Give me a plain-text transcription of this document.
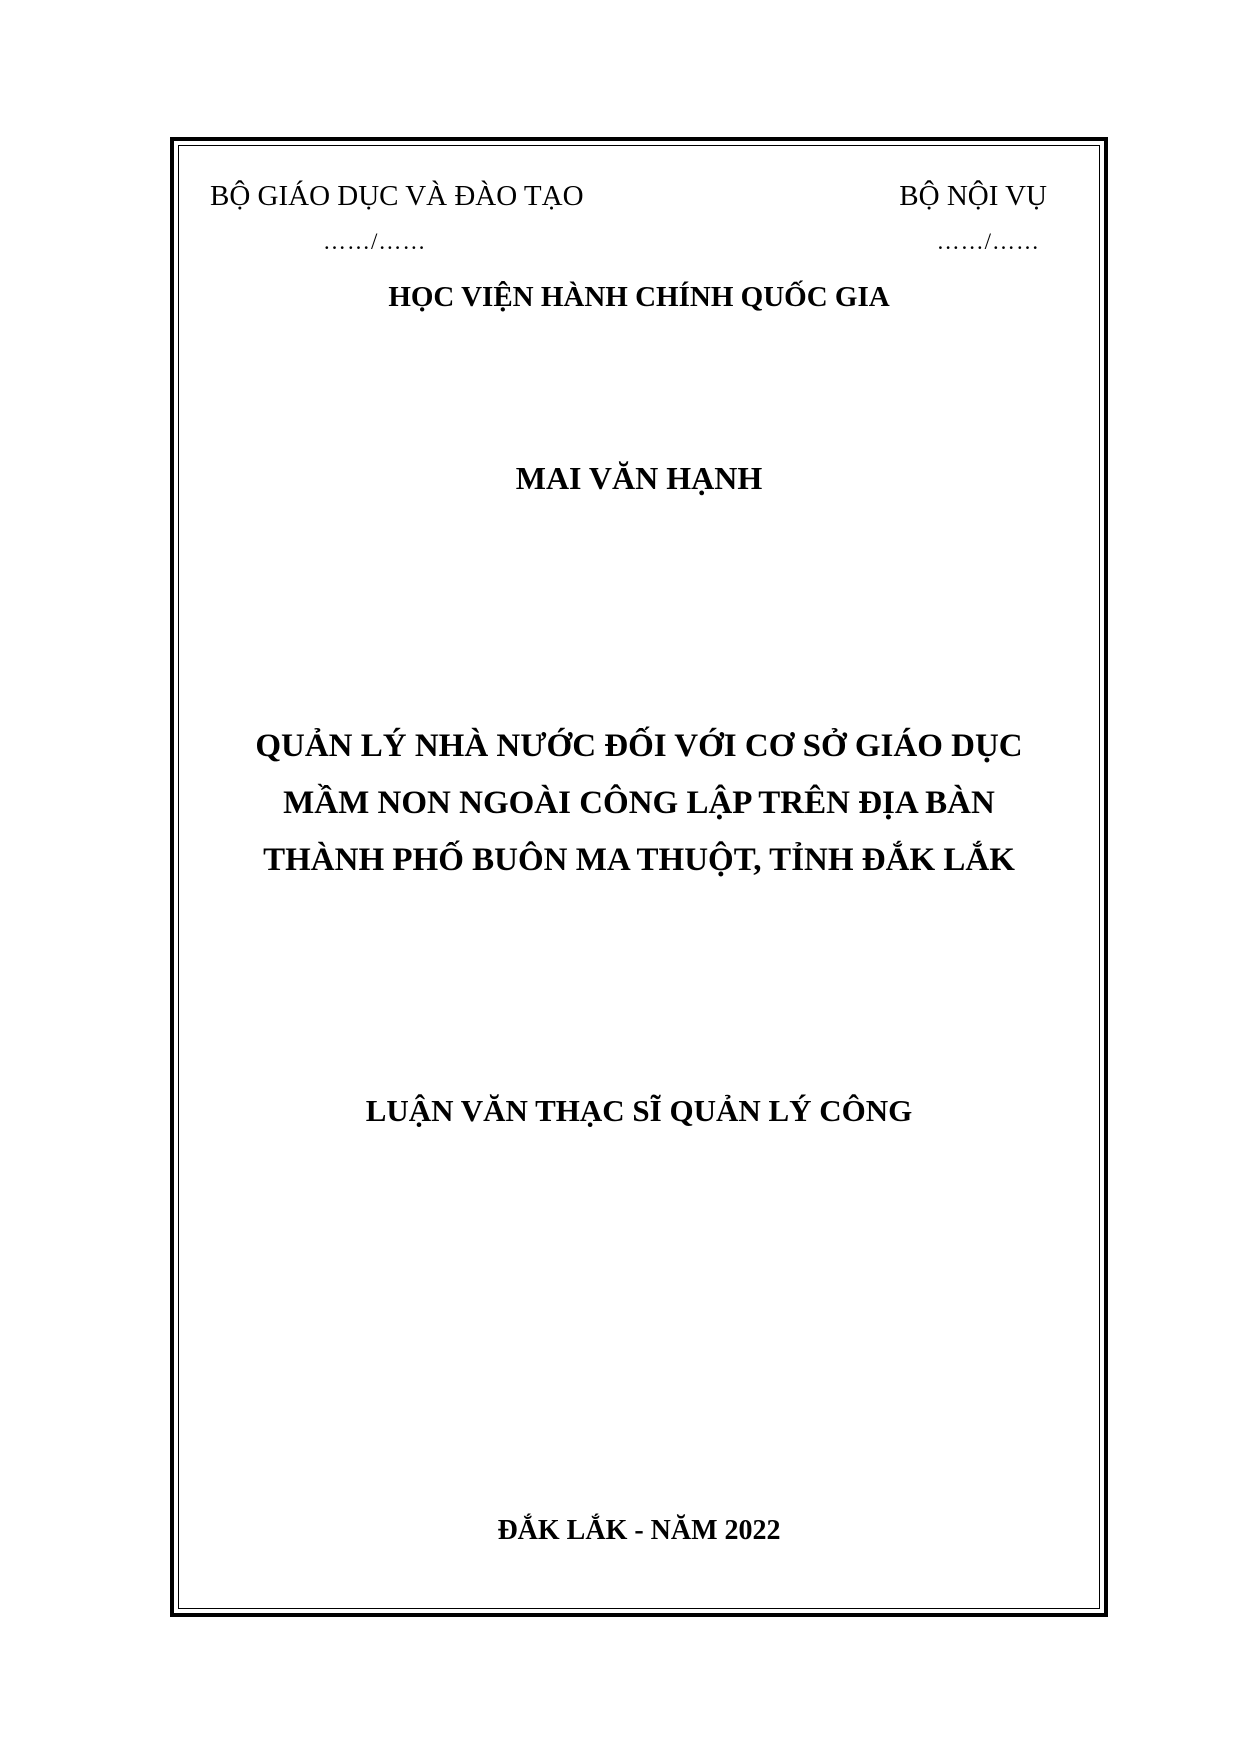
BỘ GIÁO DỤC VÀ ĐÀO TẠO	BỘ NỘI VỤ
……/……	……/……
HỌC VIỆN HÀNH CHÍNH QUỐC GIA
MAI VĂN HẠNH
QUẢN LÝ NHÀ NƯỚC ĐỐI VỚI CƠ SỞ GIÁO DỤC
MẦM NON NGOÀI CÔNG LẬP TRÊN ĐỊA BÀN
THÀNH PHỐ BUÔN MA THUỘT, TỈNH ĐẮK LẮK
LUẬN VĂN THẠC SĨ QUẢN LÝ CÔNG
ĐẮK LẮK - NĂM 2022
